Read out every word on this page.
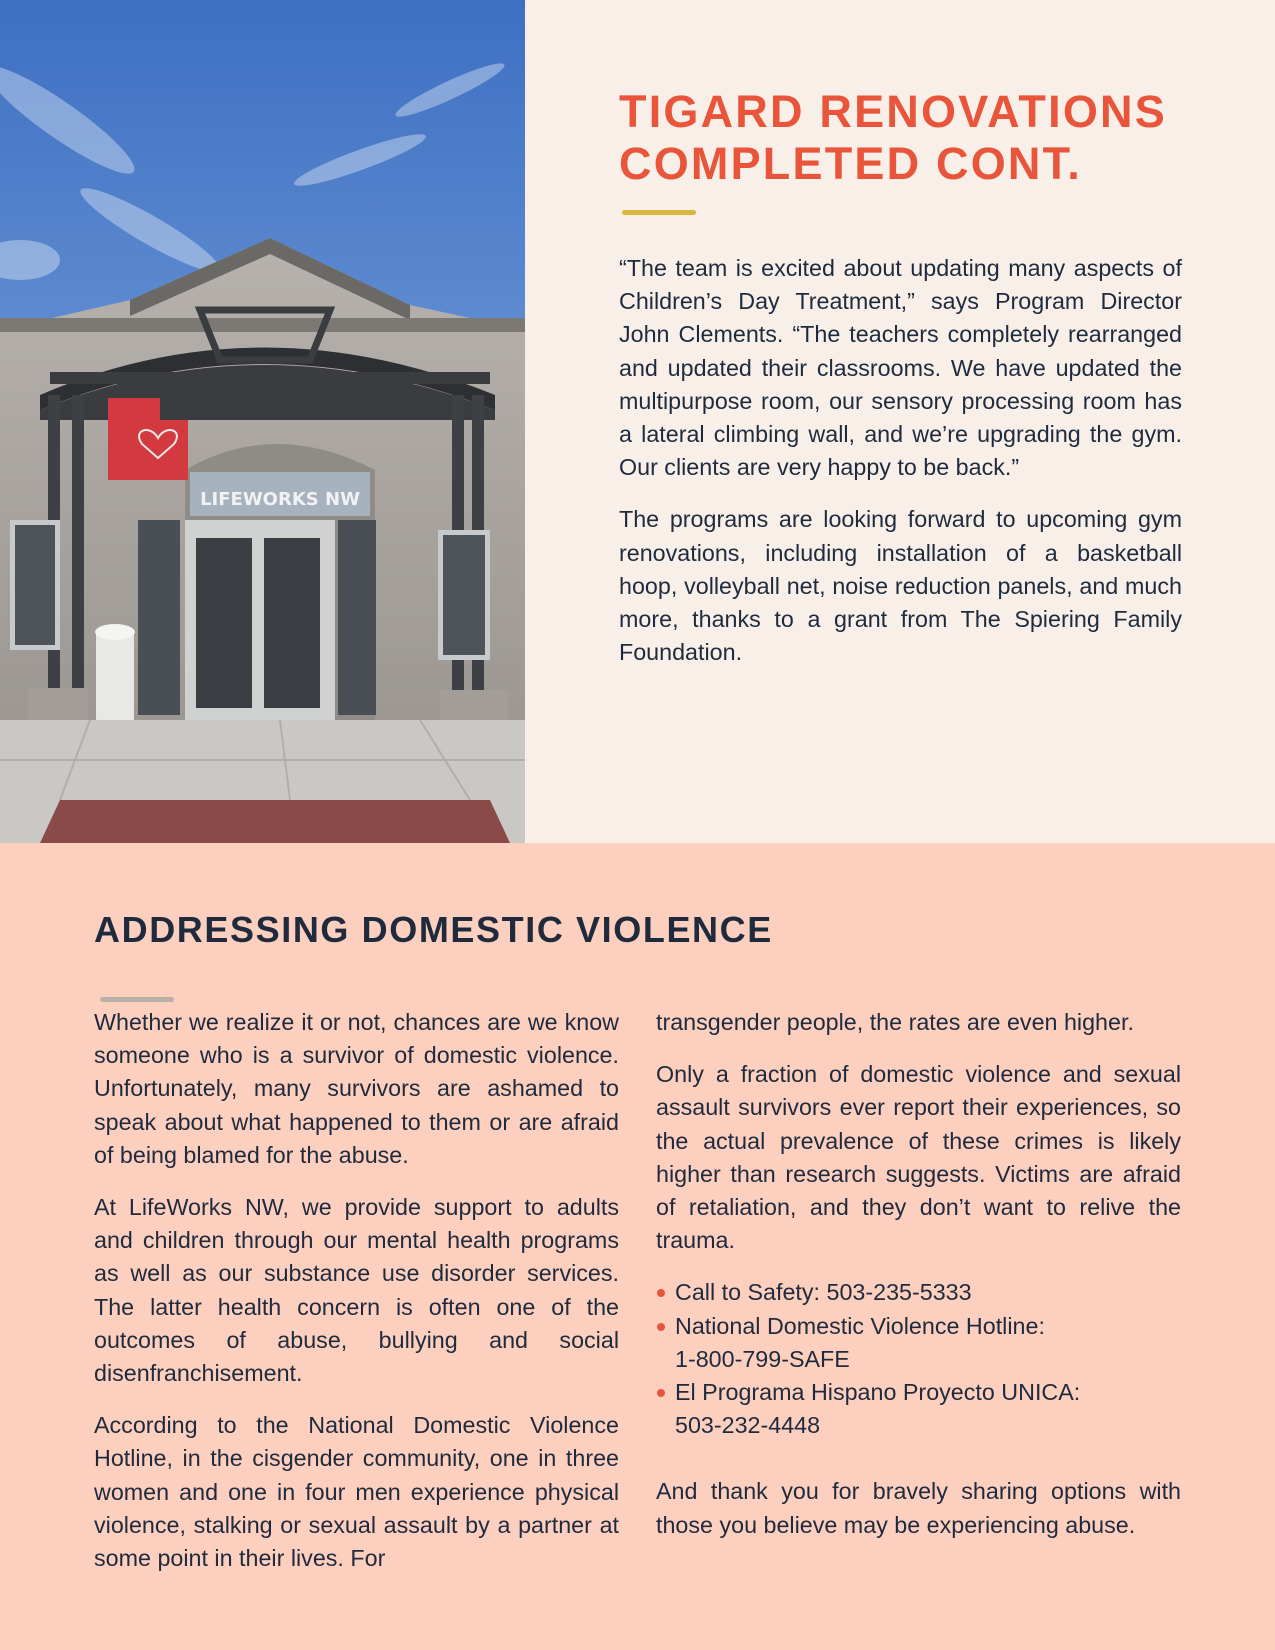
LIFEWORKS NW
TIGARD RENOVATIONS
COMPLETED CONT.

“The team is excited about updating many aspects of Children’s Day Treatment,” says Program Director John Clements. “The teachers completely rearranged and updated their classrooms. We have updated the multipurpose room, our sensory processing room has a lateral climbing wall, and we’re upgrading the gym. Our clients are very happy to be back.”

The programs are looking forward to upcoming gym renovations, including installation of a basketball hoop, volleyball net, noise reduction panels, and much more, thanks to a grant from The Spiering Family Foundation.

ADDRESSING DOMESTIC VIOLENCE

Whether we realize it or not, chances are we know someone who is a survivor of domestic violence. Unfortunately, many survivors are ashamed to speak about what happened to them or are afraid of being blamed for the abuse.

At LifeWorks NW, we provide support to adults and children through our mental health programs as well as our substance use disorder services. The latter health concern is often one of the outcomes of abuse, bullying and social disenfranchisement.

According to the National Domestic Violence Hotline, in the cisgender community, one in three women and one in four men experience physical violence, stalking or sexual assault by a partner at some point in their lives. For

transgender people, the rates are even higher.

Only a fraction of domestic violence and sexual assault survivors ever report their experiences, so the actual prevalence of these crimes is likely higher than research suggests. Victims are afraid of retaliation, and they don’t want to relive the trauma.

Call to Safety: 503-235-5333
National Domestic Violence Hotline:
1-800-799-SAFE
El Programa Hispano Proyecto UNICA:
503-232-4448

And thank you for bravely sharing options with those you believe may be experiencing abuse.
